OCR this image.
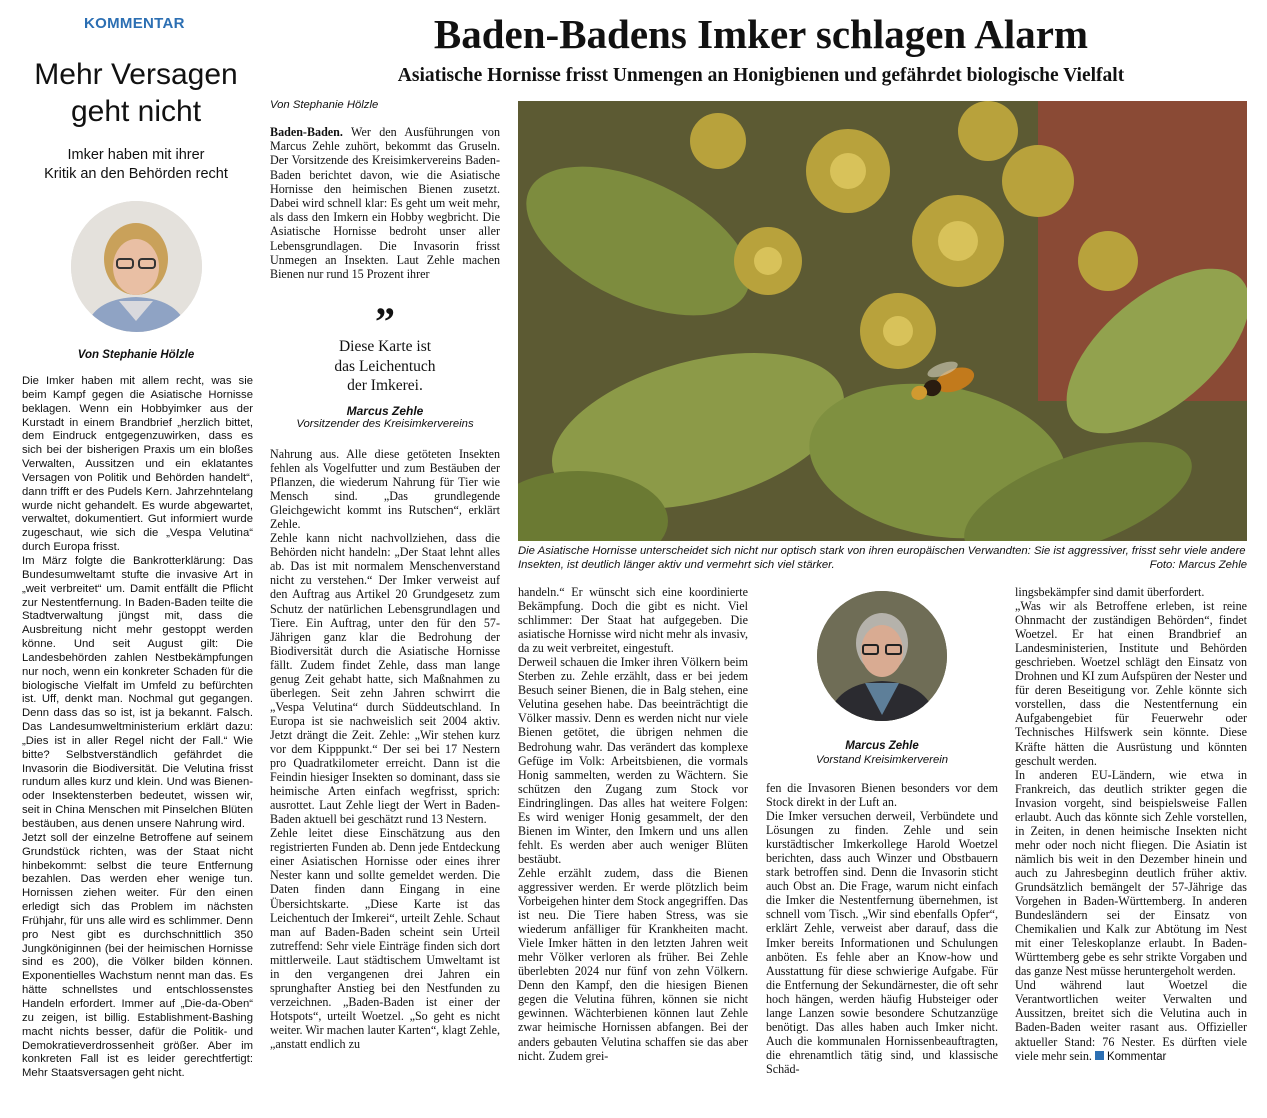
KOMMENTAR
Mehr Versagen
geht nicht
Imker haben mit ihrer
Kritik an den Behörden recht
Von Stephanie Hölzle
Die Imker haben mit allem recht, was sie beim Kampf gegen die Asiatische Hornisse beklagen. Wenn ein Hobbyimker aus der Kurstadt in einem Brandbrief „herzlich bittet, dem Eindruck entgegenzuwirken, dass es sich bei der bisherigen Praxis um ein bloßes Verwalten, Aussitzen und ein eklatantes Versagen von Politik und Behörden handelt“, dann trifft er des Pudels Kern. Jahrzehntelang wurde nicht gehandelt. Es wurde abgewartet, verwaltet, dokumentiert. Gut informiert wurde zugeschaut, wie sich die „Vespa Velutina“ durch Europa frisst.
Im März folgte die Bankrotterklärung: Das Bundesumweltamt stufte die invasive Art in „weit verbreitet“ um. Damit entfällt die Pflicht zur Nestentfernung. In Baden-Baden teilte die Stadtverwaltung jüngst mit, dass die Ausbreitung nicht mehr gestoppt werden könne. Und seit August gilt: Die Landesbehörden zahlen Nestbekämpfungen nur noch, wenn ein konkreter Schaden für die biologische Vielfalt im Umfeld zu befürchten ist. Uff, denkt man. Nochmal gut gegangen. Denn dass das so ist, ist ja bekannt. Falsch. Das Landesumweltministerium erklärt dazu: „Dies ist in aller Regel nicht der Fall.“ Wie bitte? Selbstverständlich gefährdet die Invasorin die Biodiversität. Die Velutina frisst rundum alles kurz und klein. Und was Bienen- oder Insektensterben bedeutet, wissen wir, seit in China Menschen mit Pinselchen Blüten bestäuben, aus denen unsere Nahrung wird.
Jetzt soll der einzelne Betroffene auf seinem Grundstück richten, was der Staat nicht hinbekommt: selbst die teure Entfernung bezahlen. Das werden eher wenige tun. Hornissen ziehen weiter. Für den einen erledigt sich das Problem im nächsten Frühjahr, für uns alle wird es schlimmer. Denn pro Nest gibt es durchschnittlich 350 Jungköniginnen (bei der heimischen Hornisse sind es 200), die Völker bilden können. Exponentielles Wachstum nennt man das. Es hätte schnellstes und entschlossenstes Handeln erfordert. Immer auf „Die-da-Oben“ zu zeigen, ist billig. Establishment-Bashing macht nichts besser, dafür die Politik- und Demokratieverdrossenheit größer. Aber im konkreten Fall ist es leider gerechtfertigt: Mehr Staatsversagen geht nicht.
Baden-Badens Imker schlagen Alarm
Asiatische Hornisse frisst Unmengen an Honigbienen und gefährdet biologische Vielfalt
Von Stephanie Hölzle
Baden-Baden. Wer den Ausführungen von Marcus Zehle zuhört, bekommt das Gruseln. Der Vorsitzende des Kreisimkervereins Baden-Baden berichtet davon, wie die Asiatische Hornisse den heimischen Bienen zusetzt. Dabei wird schnell klar: Es geht um weit mehr, als dass den Imkern ein Hobby wegbricht. Die Asiatische Hornisse bedroht unser aller Lebensgrundlagen. Die Invasorin frisst Unmegen an Insekten. Laut Zehle machen Bienen nur rund 15 Prozent ihrer
”
Diese Karte ist
das Leichentuch
der Imkerei.
Marcus Zehle
Vorsitzender des Kreisimkervereins
Nahrung aus. Alle diese getöteten Insekten fehlen als Vogelfutter und zum Bestäuben der Pflanzen, die wiederum Nahrung für Tier wie Mensch sind. „Das grundlegende Gleichgewicht kommt ins Rutschen“, erklärt Zehle.
Zehle kann nicht nachvollziehen, dass die Behörden nicht handeln: „Der Staat lehnt alles ab. Das ist mit normalem Menschenverstand nicht zu verstehen.“ Der Imker verweist auf den Auftrag aus Artikel 20 Grundgesetz zum Schutz der natürlichen Lebensgrundlagen und Tiere. Ein Auftrag, unter den für den 57-Jährigen ganz klar die Bedrohung der Biodiversität durch die Asiatische Hornisse fällt. Zudem findet Zehle, dass man lange genug Zeit gehabt hatte, sich Maßnahmen zu überlegen. Seit zehn Jahren schwirrt die „Vespa Velutina“ durch Süddeutschland. In Europa ist sie nachweislich seit 2004 aktiv. Jetzt drängt die Zeit. Zehle: „Wir stehen kurz vor dem Kipppunkt.“ Der sei bei 17 Nestern pro Quadratkilometer erreicht. Dann ist die Feindin hiesiger Insekten so dominant, dass sie heimische Arten einfach wegfrisst, sprich: ausrottet. Laut Zehle liegt der Wert in Baden-Baden aktuell bei geschätzt rund 13 Nestern.
Zehle leitet diese Einschätzung aus den registrierten Funden ab. Denn jede Entdeckung einer Asiatischen Hornisse oder eines ihrer Nester kann und sollte gemeldet werden. Die Daten finden dann Eingang in eine Übersichtskarte. „Diese Karte ist das Leichentuch der Imkerei“, urteilt Zehle. Schaut man auf Baden-Baden scheint sein Urteil zutreffend: Sehr viele Einträge finden sich dort mittlerweile. Laut städtischem Umweltamt ist in den vergangenen drei Jahren ein sprunghafter Anstieg bei den Nestfunden zu verzeichnen. „Baden-Baden ist einer der Hotspots“, urteilt Woetzel. „So geht es nicht weiter. Wir machen lauter Karten“, klagt Zehle, „anstatt endlich zu
Die Asiatische Hornisse unterscheidet sich nicht nur optisch stark von ihren europäischen Verwandten: Sie ist aggressiver, frisst sehr viele andere Insekten, ist deutlich länger aktiv und vermehrt sich viel stärker.	Foto: Marcus Zehle
handeln.“ Er wünscht sich eine koordinierte Bekämpfung. Doch die gibt es nicht. Viel schlimmer: Der Staat hat aufgegeben. Die asiatische Hornisse wird nicht mehr als invasiv, da zu weit verbreitet, eingestuft.
Derweil schauen die Imker ihren Völkern beim Sterben zu. Zehle erzählt, dass er bei jedem Besuch seiner Bienen, die in Balg stehen, eine Velutina gesehen habe. Das beeinträchtigt die Völker massiv. Denn es werden nicht nur viele Bienen getötet, die übrigen nehmen die Bedrohung wahr. Das verändert das komplexe Gefüge im Volk: Arbeitsbienen, die vormals Honig sammelten, werden zu Wächtern. Sie schützen den Zugang zum Stock vor Eindringlingen. Das alles hat weitere Folgen: Es wird weniger Honig gesammelt, der den Bienen im Winter, den Imkern und uns allen fehlt. Es werden aber auch weniger Blüten bestäubt.
Zehle erzählt zudem, dass die Bienen aggressiver werden. Er werde plötzlich beim Vorbeigehen hinter dem Stock angegriffen. Das ist neu. Die Tiere haben Stress, was sie wiederum anfälliger für Krankheiten macht. Viele Imker hätten in den letzten Jahren weit mehr Völker verloren als früher. Bei Zehle überlebten 2024 nur fünf von zehn Völkern. Denn den Kampf, den die hiesigen Bienen gegen die Velutina führen, können sie nicht gewinnen. Wächterbienen können laut Zehle zwar heimische Hornissen abfangen. Bei der anders gebauten Velutina schaffen sie das aber nicht. Zudem grei-
Marcus Zehle
Vorstand Kreisimkerverein
fen die Invasoren Bienen besonders vor dem Stock direkt in der Luft an.
Die Imker versuchen derweil, Verbündete und Lösungen zu finden. Zehle und sein kurstädtischer Imkerkollege Harold Woetzel berichten, dass auch Winzer und Obstbauern stark betroffen sind. Denn die Invasorin sticht auch Obst an. Die Frage, warum nicht einfach die Imker die Nestentfernung übernehmen, ist schnell vom Tisch. „Wir sind ebenfalls Opfer“, erklärt Zehle, verweist aber darauf, dass die Imker bereits Informationen und Schulungen anböten. Es fehle aber an Know-how und Ausstattung für diese schwierige Aufgabe. Für die Entfernung der Sekundärnester, die oft sehr hoch hängen, werden häufig Hubsteiger oder lange Lanzen sowie besondere Schutzanzüge benötigt. Das alles haben auch Imker nicht. Auch die kommunalen Hornissenbeauftragten, die ehrenamtlich tätig sind, und klassische Schäd-
lingsbekämpfer sind damit überfordert.
„Was wir als Betroffene erleben, ist reine Ohnmacht der zuständigen Behörden“, findet Woetzel. Er hat einen Brandbrief an Landesministerien, Institute und Behörden geschrieben. Woetzel schlägt den Einsatz von Drohnen und KI zum Aufspüren der Nester und für deren Beseitigung vor. Zehle könnte sich vorstellen, dass die Nestentfernung ein Aufgabengebiet für Feuerwehr oder Technisches Hilfswerk sein könnte. Diese Kräfte hätten die Ausrüstung und könnten geschult werden.
In anderen EU-Ländern, wie etwa in Frankreich, das deutlich strikter gegen die Invasion vorgeht, sind beispielsweise Fallen erlaubt. Auch das könnte sich Zehle vorstellen, in Zeiten, in denen heimische Insekten nicht mehr oder noch nicht fliegen. Die Asiatin ist nämlich bis weit in den Dezember hinein und auch zu Jahresbeginn deutlich früher aktiv. Grundsätzlich bemängelt der 57-Jährige das Vorgehen in Baden-Württemberg. In anderen Bundesländern sei der Einsatz von Chemikalien und Kalk zur Abtötung im Nest mit einer Teleskoplanze erlaubt. In Baden-Württemberg gebe es sehr strikte Vorgaben und das ganze Nest müsse heruntergeholt werden.
Und während laut Woetzel die Verantwortlichen weiter Verwalten und Aussitzen, breitet sich die Velutina auch in Baden-Baden weiter rasant aus. Offizieller aktueller Stand: 76 Nester. Es dürften viele viele mehr sein. Kommentar
